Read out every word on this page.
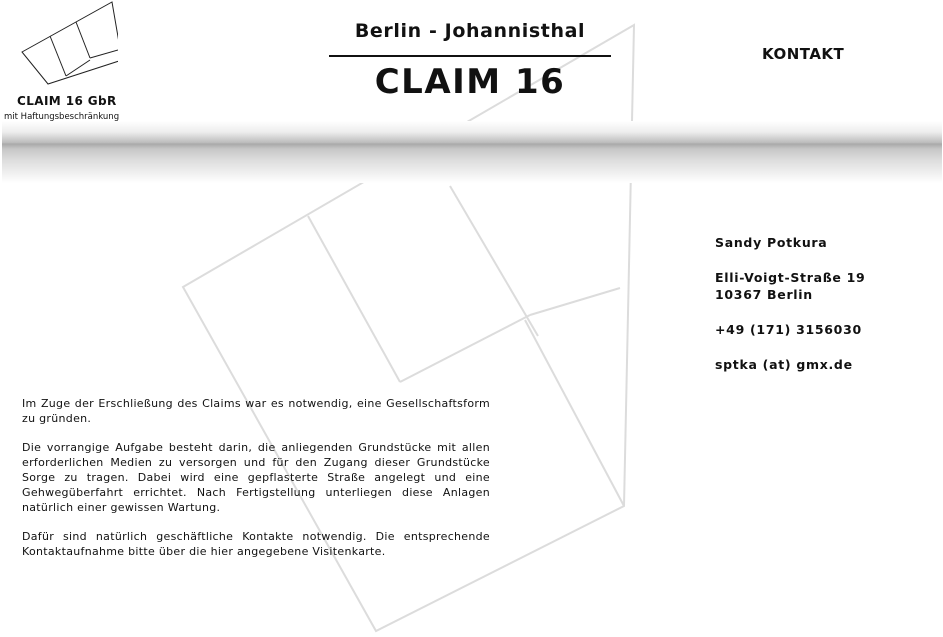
CLAIM 16 GbR
mit Haftungsbeschränkung
Berlin - Johannisthal
CLAIM 16
KONTAKT
Sandy Potkura
Elli-Voigt-Straße 19
10367 Berlin
+49 (171) 3156030
sptka (at) gmx.de

Im Zuge der Erschließung des Claims war es notwendig, eine Gesellschaftsform zu gründen.

Die vorrangige Aufgabe besteht darin, die anliegenden Grundstücke mit allen erforderlichen Medien zu versorgen und für den Zugang dieser Grundstücke Sorge zu tragen. Dabei wird eine gepflasterte Straße angelegt und eine Gehwegüberfahrt errichtet. Nach Fertigstellung unterliegen diese Anlagen natürlich einer gewissen Wartung.

Dafür sind natürlich geschäftliche Kontakte notwendig. Die entsprechende Kontaktaufnahme bitte über die hier angegebene Visitenkarte.
